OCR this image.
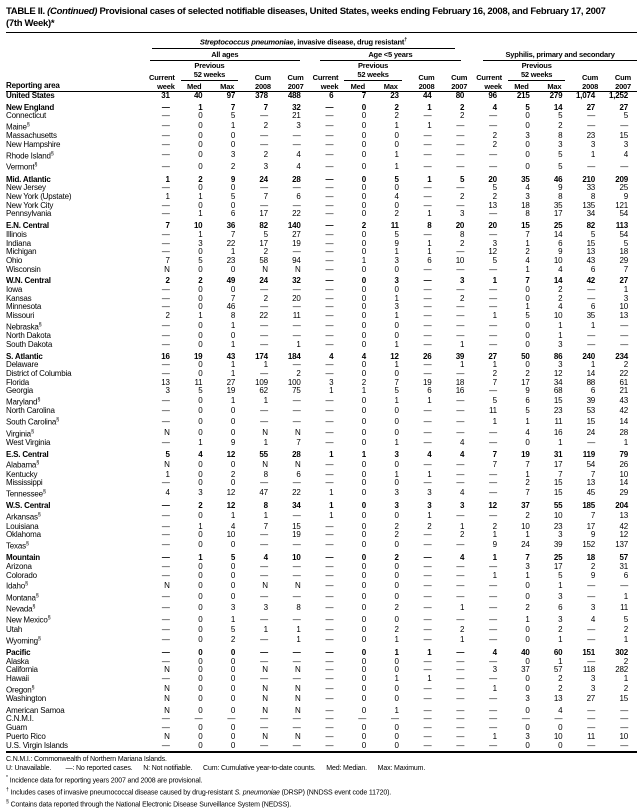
TABLE II. (Continued) Provisional cases of selected notifiable diseases, United States, weeks ending February 16, 2008, and February 17, 2007
(7th Week)*
Reporting area	Streptococcus pneumoniae, invasive disease, drug resistant†

	All ages					Age <5 years					Syphilis, primary and secondary				

	Current
week	Previous
52 weeks		Cum
2008	Cum
2007	Current
week	Previous
52 weeks		Cum
2008	Cum
2007	Current
week	Previous
52 weeks		Cum
2008	Cum
2007
		Med	Max				Med	Max				Med	Max		
United States	31	40	97	378	488	6	7	23	44	80	96	215	279	1,074	1,252
New England	—	1	7	7	32	—	0	2	1	2	4	5	14	27	27
Connecticut	—	0	5	—	21	—	0	2	—	2	—	0	5	—	5
Maine§	—	0	1	2	3	—	0	1	1	—	—	0	2	—	—
Massachusetts	—	0	0	—	—	—	0	0	—	—	2	3	8	23	15
New Hampshire	—	0	0	—	—	—	0	0	—	—	2	0	3	3	3
Rhode Island§	—	0	3	2	4	—	0	1	—	—	—	0	5	1	4
Vermont§	—	0	2	3	4	—	0	1	—	—	—	0	5	—	—
Mid. Atlantic	1	2	9	24	28	—	0	5	1	5	20	35	46	210	209
New Jersey	—	0	0	—	—	—	0	0	—	—	5	4	9	33	25
New York (Upstate)	1	1	5	7	6	—	0	4	—	2	2	3	8	8	9
New York City	—	0	0	—	—	—	0	0	—	—	13	18	35	135	121
Pennsylvania	—	1	6	17	22	—	0	2	1	3	—	8	17	34	54
E.N. Central	7	10	36	82	140	—	2	11	8	20	20	15	25	82	113
Illinois	—	1	7	5	27	—	0	5	—	8	—	7	14	5	54
Indiana	—	3	22	17	19	—	0	9	1	2	3	1	6	15	5
Michigan	—	0	1	2	—	—	0	1	1	—	12	2	9	13	18
Ohio	7	5	23	58	94	—	1	3	6	10	5	4	10	43	29
Wisconsin	N	0	0	N	N	—	0	0	—	—	—	1	4	6	7
W.N. Central	2	2	49	24	32	—	0	3	—	3	1	7	14	42	27
Iowa	—	0	0	—	—	—	0	0	—	—	—	0	2	—	1
Kansas	—	0	7	2	20	—	0	1	—	2	—	0	2	—	3
Minnesota	—	0	46	—	—	—	0	3	—	—	—	1	4	6	10
Missouri	2	1	8	22	11	—	0	1	—	—	1	5	10	35	13
Nebraska§	—	0	1	—	—	—	0	0	—	—	—	0	1	1	—
North Dakota	—	0	0	—	—	—	0	0	—	—	—	0	1	—	—
South Dakota	—	0	1	—	1	—	0	1	—	1	—	0	3	—	—
S. Atlantic	16	19	43	174	184	4	4	12	26	39	27	50	86	240	234
Delaware	—	0	1	1	—	—	0	1	—	1	1	0	3	1	2
District of Columbia	—	0	1	—	2	—	0	0	—	—	2	2	12	14	22
Florida	13	11	27	109	100	3	2	7	19	18	7	17	34	88	61
Georgia	3	5	19	62	75	1	1	5	6	16	—	9	68	6	21
Maryland§	—	0	1	1	—	—	0	1	1	—	5	6	15	39	43
North Carolina	—	0	0	—	—	—	0	0	—	—	11	5	23	53	42
South Carolina§	—	0	0	—	—	—	0	0	—	—	1	1	11	15	14
Virginia§	N	0	0	N	N	—	0	0	—	—	—	4	16	24	28
West Virginia	—	1	9	1	7	—	0	1	—	4	—	0	1	—	1
E.S. Central	5	4	12	55	28	1	1	3	4	4	7	19	31	119	79
Alabama§	N	0	0	N	N	—	0	0	—	—	7	7	17	54	26
Kentucky	1	0	2	8	6	—	0	1	1	—	—	1	7	7	10
Mississippi	—	0	0	—	—	—	0	0	—	—	—	2	15	13	14
Tennessee§	4	3	12	47	22	1	0	3	3	4	—	7	15	45	29
W.S. Central	—	2	12	8	34	1	0	3	3	3	12	37	55	185	204
Arkansas§	—	0	1	1	—	1	0	0	1	—	—	2	10	7	13
Louisiana	—	1	4	7	15	—	0	2	2	1	2	10	23	17	42
Oklahoma	—	0	10	—	19	—	0	2	—	2	1	1	3	9	12
Texas§	—	0	0	—	—	—	0	0	—	—	9	24	39	152	137
Mountain	—	1	5	4	10	—	0	2	—	4	1	7	25	18	57
Arizona	—	0	0	—	—	—	0	0	—	—	—	3	17	2	31
Colorado	—	0	0	—	—	—	0	0	—	—	1	1	5	9	6
Idaho§	N	0	0	N	N	—	0	0	—	—	—	0	1	—	—
Montana§	—	0	0	—	—	—	0	0	—	—	—	0	3	—	1
Nevada§	—	0	3	3	8	—	0	2	—	1	—	2	6	3	11
New Mexico§	—	0	1	—	—	—	0	0	—	—	—	1	3	4	5
Utah	—	0	5	1	1	—	0	2	—	2	—	0	2	—	2
Wyoming§	—	0	2	—	1	—	0	1	—	1	—	0	1	—	1
Pacific	—	0	0	—	—	—	0	1	1	—	4	40	60	151	302
Alaska	—	0	0	—	—	—	0	0	—	—	—	0	1	—	2
California	N	0	0	N	N	—	0	0	—	—	3	37	57	118	282
Hawaii	—	0	0	—	—	—	0	1	1	—	—	0	2	3	1
Oregon§	N	0	0	N	N	—	0	0	—	—	1	0	2	3	2
Washington	N	0	0	N	N	—	0	0	—	—	—	3	13	27	15
American Samoa	N	0	0	N	N	—	0	1	—	—	—	0	4	—	—
C.N.M.I.	—	—	—	—	—	—	—	—	—	—	—	—	—	—	—
Guam	—	0	0	—	—	—	0	0	—	—	—	0	0	—	—
Puerto Rico	N	0	0	N	N	—	0	0	—	—	1	3	10	11	10
U.S. Virgin Islands	—	0	0	—	—	—	0	0	—	—	—	0	0	—	—
C.N.M.I.: Commonwealth of Northern Mariana Islands.
U: Unavailable.        —: No reported cases.      N: Not notifiable.      Cum: Cumulative year-to-date counts.      Med: Median.      Max: Maximum.
* Incidence data for reporting years 2007 and 2008 are provisional.
† Includes cases of invasive pneumococcal disease caused by drug-resistant S. pneumoniae (DRSP) (NNDSS event code 11720).
§ Contains data reported through the National Electronic Disease Surveillance System (NEDSS).
